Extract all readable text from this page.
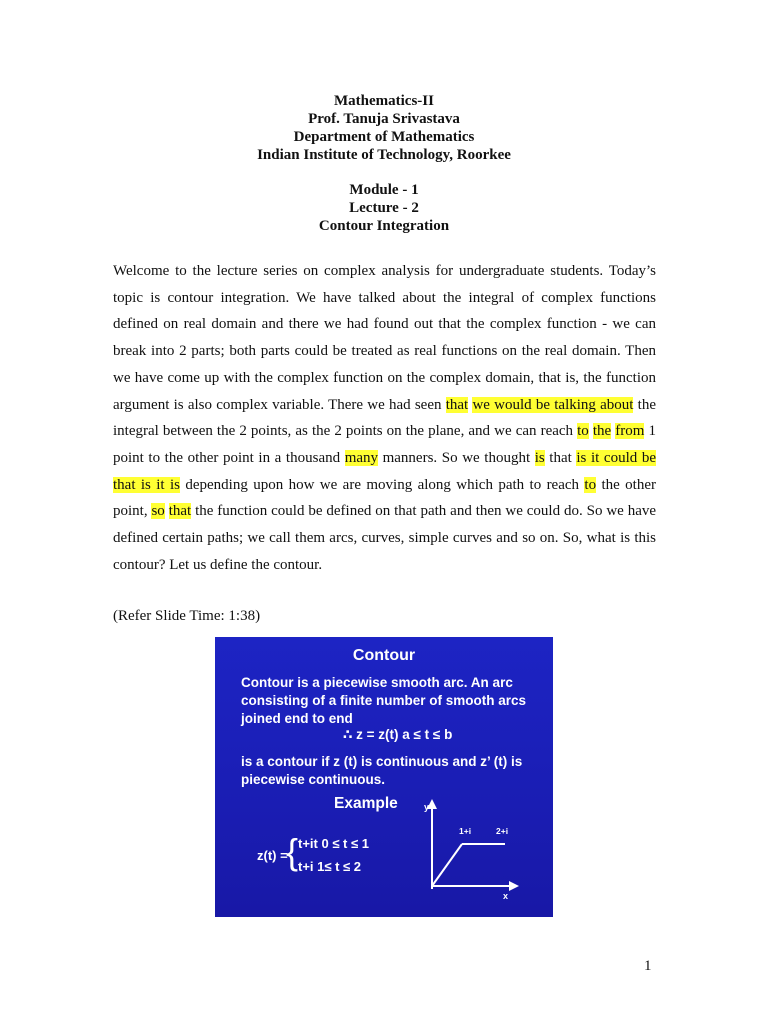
Mathematics-II
Prof. Tanuja Srivastava
Department of Mathematics
Indian Institute of Technology, Roorkee
Module - 1
Lecture - 2
Contour Integration

Welcome to the lecture series on complex analysis for undergraduate students. Today’s topic is contour integration. We have talked about the integral of complex functions defined on real domain and there we had found out that the complex function - we can break into 2 parts; both parts could be treated as real functions on the real domain. Then we have come up with the complex function on the complex domain, that is, the function argument is also complex variable. There we had seen that we would be talking about the integral between the 2 points, as the 2 points on the plane, and we can reach to the from 1 point to the other point in a thousand many manners. So we thought is that is it could be that is it is depending upon how we are moving along which path to reach to the other point, so that the function could be defined on that path and then we could do. So we have defined certain paths; we call them arcs, curves, simple curves and so on. So, what is this contour? Let us define the contour.

(Refer Slide Time: 1:38)
Contour
Contour is a piecewise smooth arc. An arc consisting of a finite number of smooth arcs joined end to end
∴ z = z(t) a ≤ t ≤ b
is a contour if z (t) is continuous and z’ (t) is piecewise continuous.
Example
z(t) =
{ t+it 0 ≤ t ≤ 1
t+i 1≤ t ≤ 2
y
x
1+i	2+i
1
